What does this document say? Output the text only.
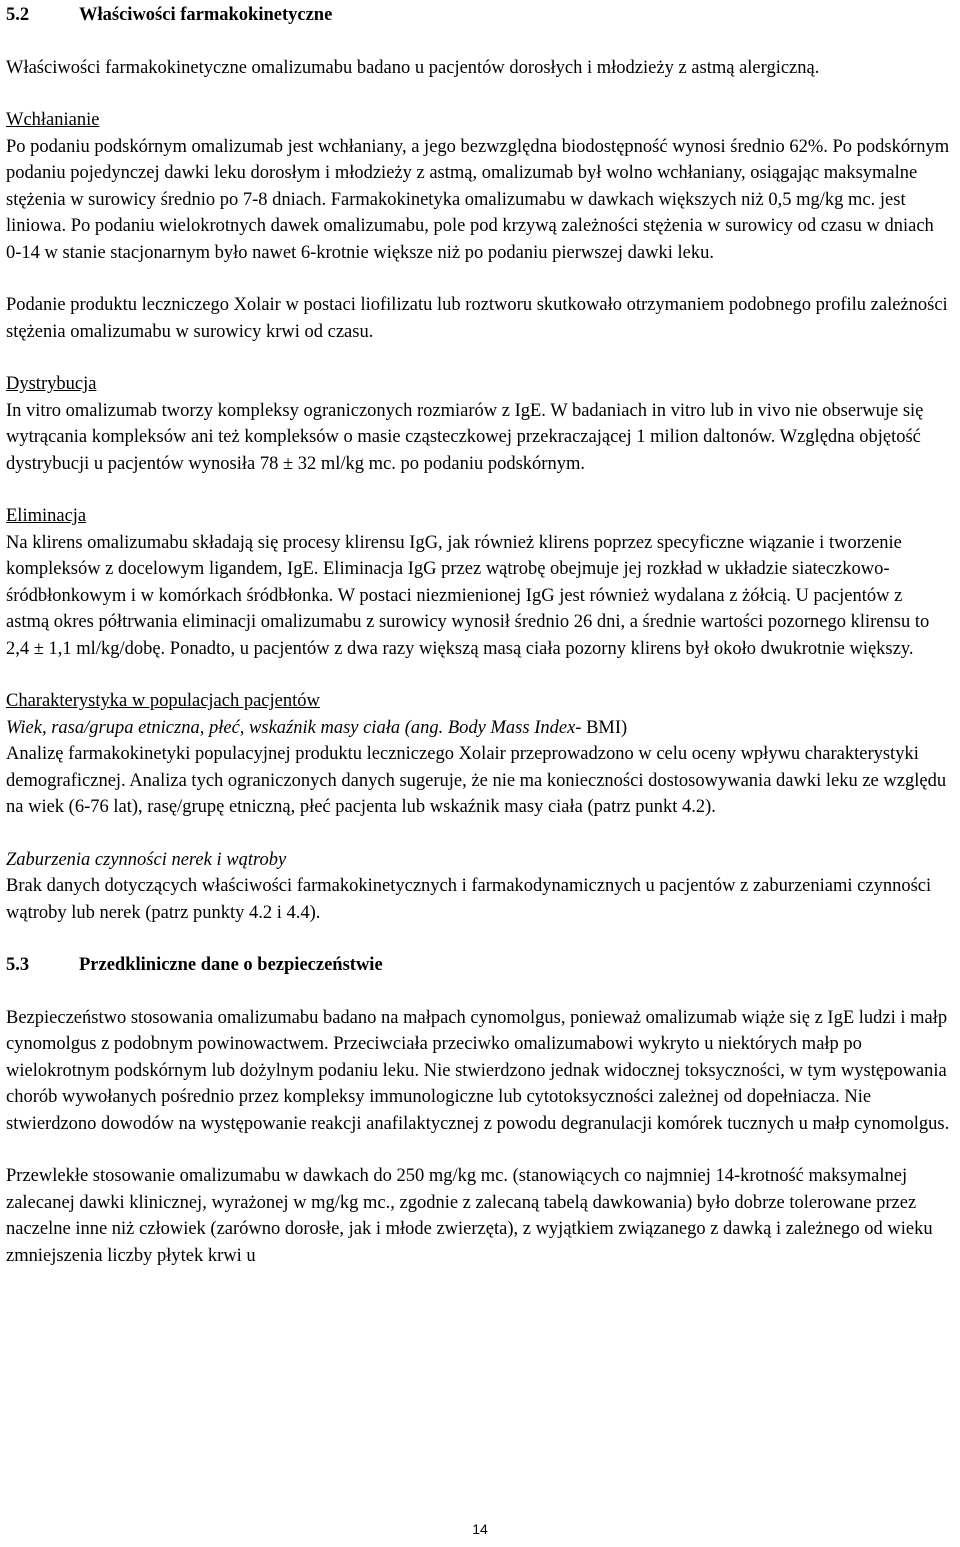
5.2	Właściwości farmakokinetyczne

Właściwości farmakokinetyczne omalizumabu badano u pacjentów dorosłych i młodzieży z astmą alergiczną.

Wchłanianie

Po podaniu podskórnym omalizumab jest wchłaniany, a jego bezwzględna biodostępność wynosi średnio 62%. Po podskórnym podaniu pojedynczej dawki leku dorosłym i młodzieży z astmą, omalizumab był wolno wchłaniany, osiągając maksymalne stężenia w surowicy średnio po 7-8 dniach. Farmakokinetyka omalizumabu w dawkach większych niż 0,5 mg/kg mc. jest liniowa. Po podaniu wielokrotnych dawek omalizumabu, pole pod krzywą zależności stężenia w surowicy od czasu w dniach 0-14 w stanie stacjonarnym było nawet 6-krotnie większe niż po podaniu pierwszej dawki leku.

Podanie produktu leczniczego Xolair w postaci liofilizatu lub roztworu skutkowało otrzymaniem podobnego profilu zależności stężenia omalizumabu w surowicy krwi od czasu.

Dystrybucja

In vitro omalizumab tworzy kompleksy ograniczonych rozmiarów z IgE. W badaniach in vitro lub in vivo nie obserwuje się wytrącania kompleksów ani też kompleksów o masie cząsteczkowej przekraczającej 1 milion daltonów. Względna objętość dystrybucji u pacjentów wynosiła 78 ± 32 ml/kg mc. po podaniu podskórnym.

Eliminacja

Na klirens omalizumabu składają się procesy klirensu IgG, jak również klirens poprzez specyficzne wiązanie i tworzenie kompleksów z docelowym ligandem, IgE. Eliminacja IgG przez wątrobę obejmuje jej rozkład w układzie siateczkowo-śródbłonkowym i w komórkach śródbłonka. W postaci niezmienionej IgG jest również wydalana z żółcią. U pacjentów z astmą okres półtrwania eliminacji omalizumabu z surowicy wynosił średnio 26 dni, a średnie wartości pozornego klirensu to 2,4 ± 1,1 ml/kg/dobę. Ponadto, u pacjentów z dwa razy większą masą ciała pozorny klirens był około dwukrotnie większy.

Charakterystyka w populacjach pacjentów

Wiek, rasa/grupa etniczna, płeć, wskaźnik masy ciała (ang. Body Mass Index- BMI)

Analizę farmakokinetyki populacyjnej produktu leczniczego Xolair przeprowadzono w celu oceny wpływu charakterystyki demograficznej. Analiza tych ograniczonych danych sugeruje, że nie ma konieczności dostosowywania dawki leku ze względu na wiek (6-76 lat), rasę/grupę etniczną, płeć pacjenta lub wskaźnik masy ciała (patrz punkt 4.2).

Zaburzenia czynności nerek i wątroby

Brak danych dotyczących właściwości farmakokinetycznych i farmakodynamicznych u pacjentów z zaburzeniami czynności wątroby lub nerek (patrz punkty 4.2 i 4.4).

5.3	Przedkliniczne dane o bezpieczeństwie

Bezpieczeństwo stosowania omalizumabu badano na małpach cynomolgus, ponieważ omalizumab wiąże się z IgE ludzi i małp cynomolgus z podobnym powinowactwem. Przeciwciała przeciwko omalizumabowi wykryto u niektórych małp po wielokrotnym podskórnym lub dożylnym podaniu leku. Nie stwierdzono jednak widocznej toksyczności, w tym występowania chorób wywołanych pośrednio przez kompleksy immunologiczne lub cytotoksyczności zależnej od dopełniacza. Nie stwierdzono dowodów na występowanie reakcji anafilaktycznej z powodu degranulacji komórek tucznych u małp cynomolgus.

Przewlekłe stosowanie omalizumabu w dawkach do 250 mg/kg mc. (stanowiących co najmniej 14-krotność maksymalnej zalecanej dawki klinicznej, wyrażonej w mg/kg mc., zgodnie z zalecaną tabelą dawkowania) było dobrze tolerowane przez naczelne inne niż człowiek (zarówno dorosłe, jak i młode zwierzęta), z wyjątkiem związanego z dawką i zależnego od wieku zmniejszenia liczby płytek krwi u

14
